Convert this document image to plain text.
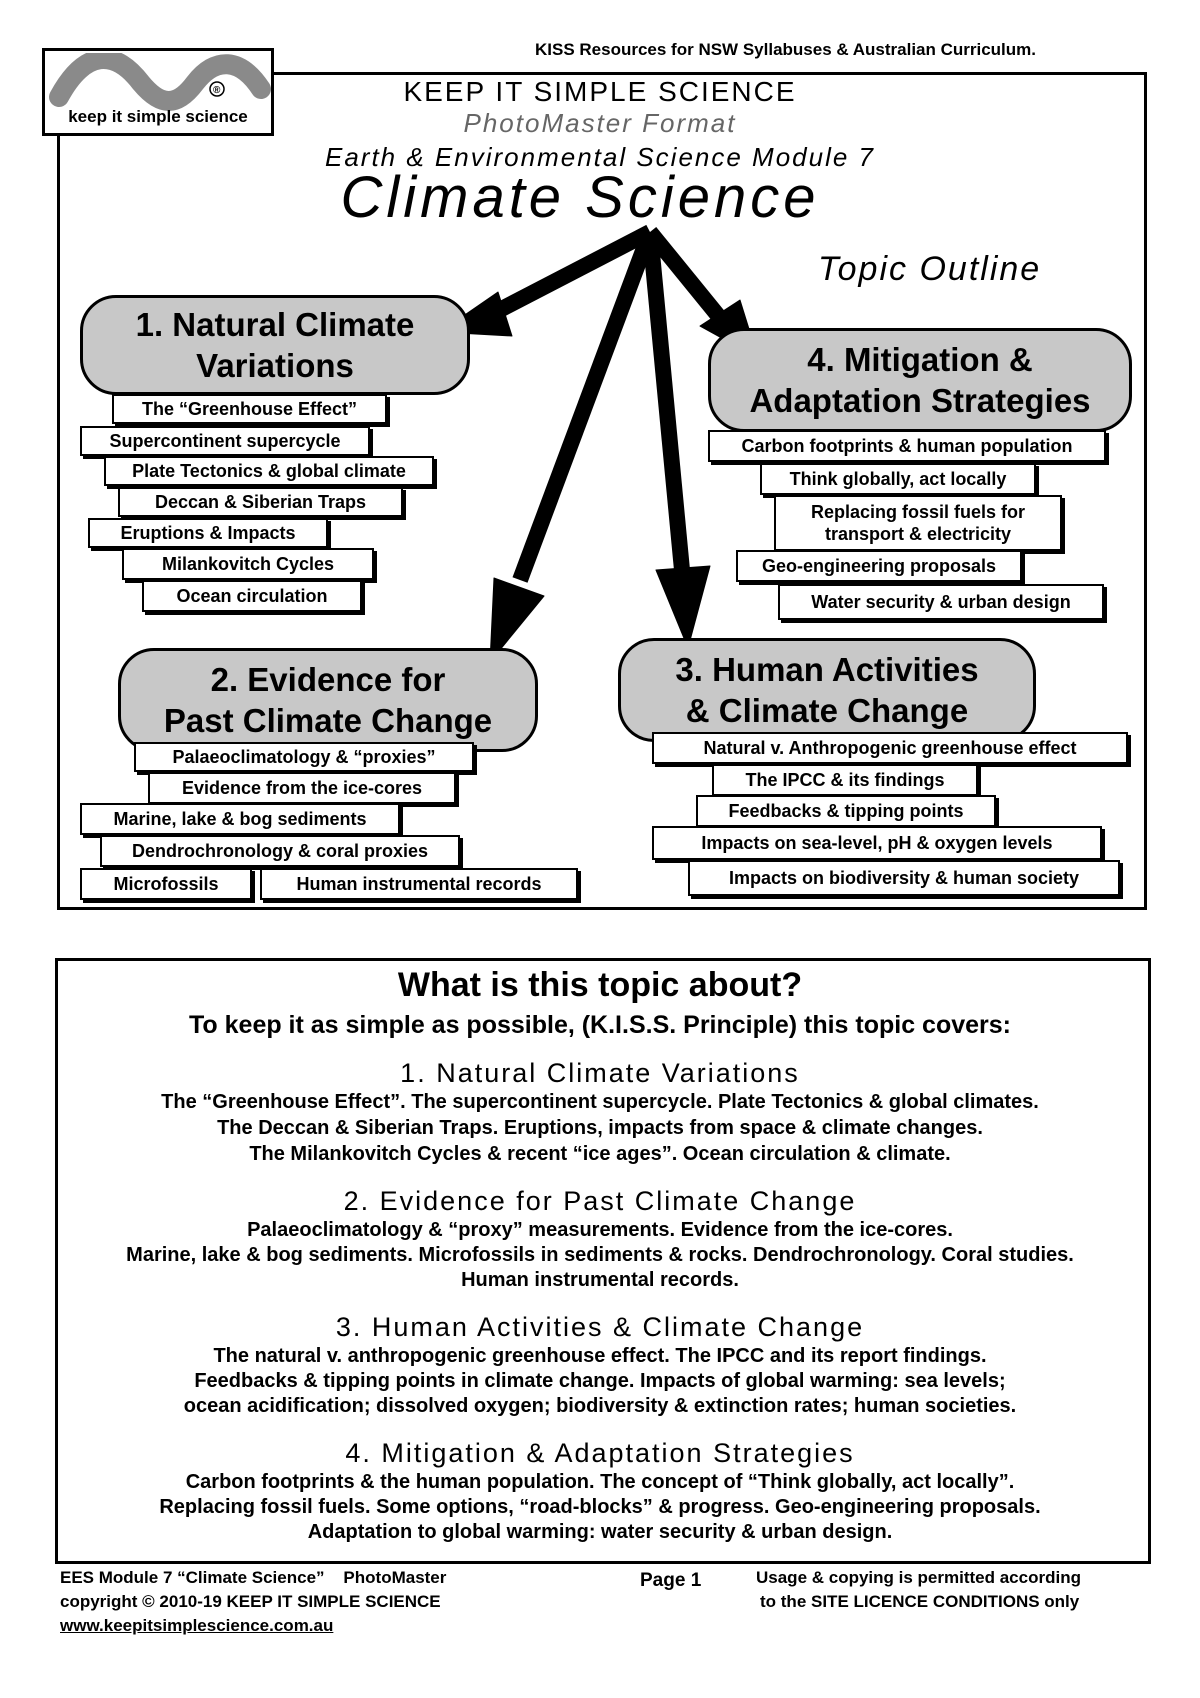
KISS Resources for NSW Syllabuses & Australian Curriculum.
®
keep it simple science
KEEP IT SIMPLE SCIENCE
PhotoMaster Format
Earth & Environmental Science Module 7
Climate Science
Topic Outline
1. Natural Climate
Variations
The “Greenhouse Effect”
Supercontinent supercycle
Plate Tectonics & global climate
Deccan & Siberian Traps
Eruptions & Impacts
Milankovitch Cycles
Ocean circulation
4. Mitigation &
Adaptation Strategies
Carbon footprints & human population
Think globally, act locally
Replacing fossil fuels for
transport & electricity
Geo-engineering proposals
Water security & urban design
2. Evidence for
Past Climate Change
Palaeoclimatology & “proxies”
Evidence from the ice-cores
Marine, lake & bog sediments
Dendrochronology & coral proxies
Microfossils	Human instrumental records
3. Human Activities
& Climate Change
Natural v. Anthropogenic greenhouse effect
The IPCC & its findings
Feedbacks & tipping points
Impacts on sea-level, pH & oxygen levels
Impacts on biodiversity & human society
What is this topic about?
To keep it as simple as possible, (K.I.S.S. Principle) this topic covers:
1. Natural Climate Variations
The “Greenhouse Effect”. The supercontinent supercycle. Plate Tectonics & global climates.
The Deccan & Siberian Traps. Eruptions, impacts from space & climate changes.
The Milankovitch Cycles & recent “ice ages”. Ocean circulation & climate.
2. Evidence for Past Climate Change
Palaeoclimatology & “proxy” measurements. Evidence from the ice-cores.
Marine, lake & bog sediments. Microfossils in sediments & rocks. Dendrochronology. Coral studies.
Human instrumental records.
3. Human Activities & Climate Change
The natural v. anthropogenic greenhouse effect. The IPCC and its report findings.
Feedbacks & tipping points in climate change. Impacts of global warming: sea levels;
ocean acidification; dissolved oxygen; biodiversity & extinction rates; human societies.
4. Mitigation & Adaptation Strategies
Carbon footprints & the human population. The concept of “Think globally, act locally”.
Replacing fossil fuels. Some options, “road-blocks” & progress. Geo-engineering proposals.
Adaptation to global warming: water security & urban design.
EES Module 7 “Climate Science”    PhotoMaster
copyright © 2010-19 KEEP IT SIMPLE SCIENCE
www.keepitsimplescience.com.au
Page 1	Usage & copying is permitted according
to the SITE LICENCE CONDITIONS only
